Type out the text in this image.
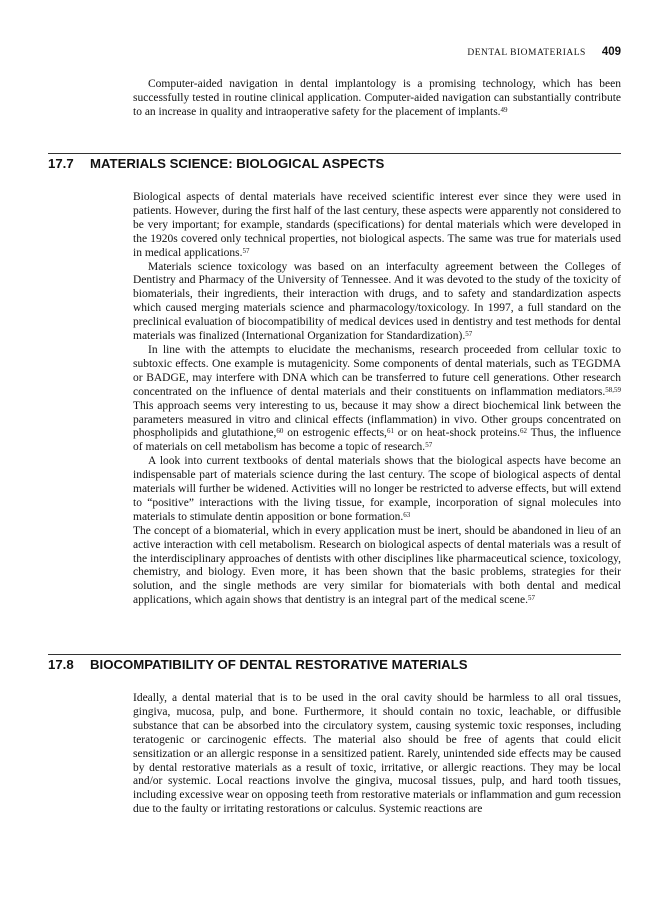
DENTAL BIOMATERIALS 409

Computer-aided navigation in dental implantology is a promising technology, which has been successfully tested in routine clinical application. Computer-aided navigation can substantially contribute to an increase in quality and intraoperative safety for the placement of implants.$^{49}$

17.7 MATERIALS SCIENCE: BIOLOGICAL ASPECTS

Biological aspects of dental materials have received scientific interest ever since they were used in patients. However, during the first half of the last century, these aspects were apparently not considered to be very important; for example, standards (specifications) for dental materials which were developed in the 1920s covered only technical properties, not biological aspects. The same was true for materials used in medical applications.$^{57}$

Materials science toxicology was based on an interfaculty agreement between the Colleges of Dentistry and Pharmacy of the University of Tennessee. And it was devoted to the study of the toxicity of biomaterials, their ingredients, their interaction with drugs, and to safety and standardization aspects which caused merging materials science and pharmacology/toxicology. In 1997, a full standard on the preclinical evaluation of biocompatibility of medical devices used in dentistry and test methods for dental materials was finalized (International Organization for Standardization).$^{57}$

In line with the attempts to elucidate the mechanisms, research proceeded from cellular toxic to subtoxic effects. One example is mutagenicity. Some components of dental materials, such as TEGDMA or BADGE, may interfere with DNA which can be transferred to future cell generations. Other research concentrated on the influence of dental materials and their constituents on inflammation mediators.$^{58,59}$ This approach seems very interesting to us, because it may show a direct biochemical link between the parameters measured in vitro and clinical effects (inflammation) in vivo. Other groups concentrated on phospholipids and glutathione,$^{60}$ on estrogenic effects,$^{61}$ or on heat-shock proteins.$^{62}$ Thus, the influence of materials on cell metabolism has become a topic of research.$^{57}$

A look into current textbooks of dental materials shows that the biological aspects have become an indispensable part of materials science during the last century. The scope of biological aspects of dental materials will further be widened. Activities will no longer be restricted to adverse effects, but will extend to “positive” interactions with the living tissue, for example, incorporation of signal molecules into materials to stimulate dentin apposition or bone formation.$^{63}$

The concept of a biomaterial, which in every application must be inert, should be abandoned in lieu of an active interaction with cell metabolism. Research on biological aspects of dental materials was a result of the interdisciplinary approaches of dentists with other disciplines like pharmaceutical science, toxicology, chemistry, and biology. Even more, it has been shown that the basic problems, strategies for their solution, and the single methods are very similar for biomaterials with both dental and medical applications, which again shows that dentistry is an integral part of the medical scene.$^{57}$

17.8 BIOCOMPATIBILITY OF DENTAL RESTORATIVE MATERIALS

Ideally, a dental material that is to be used in the oral cavity should be harmless to all oral tissues, gingiva, mucosa, pulp, and bone. Furthermore, it should contain no toxic, leachable, or diffusible substance that can be absorbed into the circulatory system, causing systemic toxic responses, including teratogenic or carcinogenic effects. The material also should be free of agents that could elicit sensitization or an allergic response in a sensitized patient. Rarely, unintended side effects may be caused by dental restorative materials as a result of toxic, irritative, or allergic reactions. They may be local and/or systemic. Local reactions involve the gingiva, mucosal tissues, pulp, and hard tooth tissues, including excessive wear on opposing teeth from restorative materials or inflammation and gum recession due to the faulty or irritating restorations or calculus. Systemic reactions are
